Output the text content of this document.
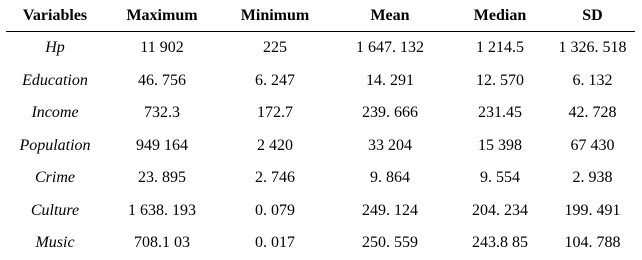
Variables	Maximum	Minimum	Mean	Median	SD
Hp	11 902	225	1 647. 132	1 214.5	1 326. 518
Education	46. 756	6. 247	14. 291	12. 570	6. 132
Income	732.3	172.7	239. 666	231.45	42. 728
Population	949 164	2 420	33 204	15 398	67 430
Crime	23. 895	2. 746	9. 864	9. 554	2. 938
Culture	1 638. 193	0. 079	249. 124	204. 234	199. 491
Music	708.1 03	0. 017	250. 559	243.8 85	104. 788
